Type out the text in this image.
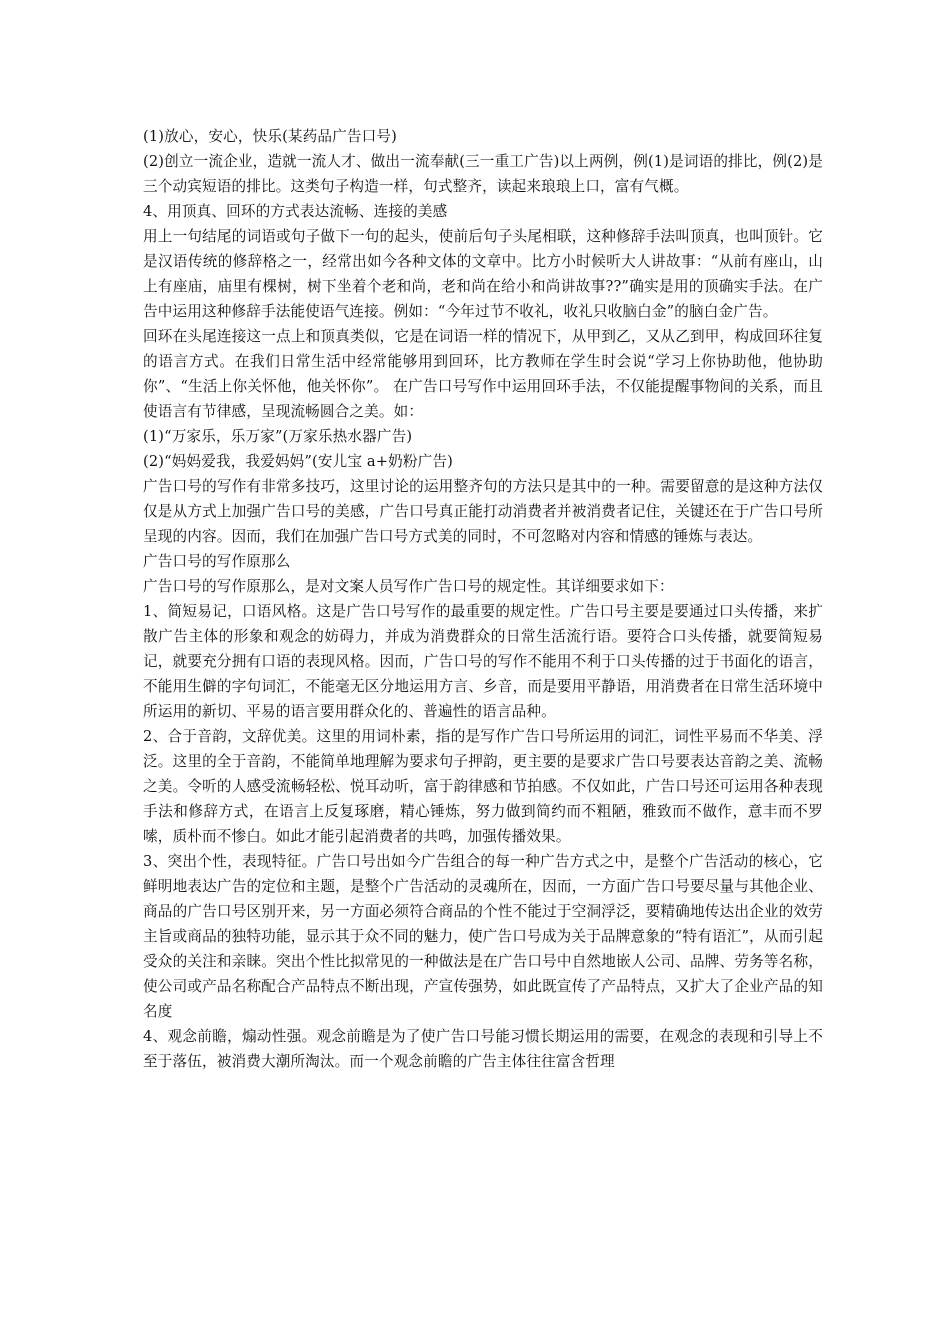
(1)放心，安心，快乐(某药品广告口号)

(2)创立一流企业，造就一流人才、做出一流奉献(三一重工广告)以上两例，例(1)是词语的排比，例(2)是三个动宾短语的排比。这类句子构造一样，句式整齐，读起来琅琅上口，富有气概。

4、用顶真、回环的方式表达流畅、连接的美感

用上一句结尾的词语或句子做下一句的起头，使前后句子头尾相联，这种修辞手法叫顶真，也叫顶针。它是汉语传统的修辞格之一，经常出如今各种文体的文章中。比方小时候听大人讲故事：“从前有座山，山上有座庙，庙里有棵树，树下坐着个老和尚，老和尚在给小和尚讲故事??”确实是用的顶确实手法。在广告中运用这种修辞手法能使语气连接。例如：“今年过节不收礼，收礼只收脑白金”的脑白金广告。

回环在头尾连接这一点上和顶真类似，它是在词语一样的情况下，从甲到乙，又从乙到甲，构成回环往复的语言方式。在我们日常生活中经常能够用到回环，比方教师在学生时会说“学习上你协助他，他协助你”、“生活上你关怀他，他关怀你”。 在广告口号写作中运用回环手法，不仅能提醒事物间的关系，而且使语言有节律感，呈现流畅圆合之美。如：

(1)“万家乐，乐万家”(万家乐热水器广告)

(2)“妈妈爱我，我爱妈妈”(安儿宝 a+奶粉广告)

广告口号的写作有非常多技巧，这里讨论的运用整齐句的方法只是其中的一种。需要留意的是这种方法仅仅是从方式上加强广告口号的美感，广告口号真正能打动消费者并被消费者记住，关键还在于广告口号所呈现的内容。因而，我们在加强广告口号方式美的同时，不可忽略对内容和情感的锤炼与表达。

广告口号的写作原那么

广告口号的写作原那么，是对文案人员写作广告口号的规定性。其详细要求如下：

1、简短易记，口语风格。这是广告口号写作的最重要的规定性。广告口号主要是要通过口头传播，来扩散广告主体的形象和观念的妨碍力，并成为消费群众的日常生活流行语。要符合口头传播，就要简短易记，就要充分拥有口语的表现风格。因而，广告口号的写作不能用不利于口头传播的过于书面化的语言，不能用生僻的字句词汇，不能毫无区分地运用方言、乡音，而是要用平静语，用消费者在日常生活环境中所运用的新切、平易的语言要用群众化的、普遍性的语言品种。

2、合于音韵，文辞优美。这里的用词朴素，指的是写作广告口号所运用的词汇，词性平易而不华美、浮泛。这里的全于音韵，不能简单地理解为要求句子押韵，更主要的是要求广告口号要表达音韵之美、流畅之美。令听的人感受流畅轻松、悦耳动听，富于韵律感和节拍感。不仅如此，广告口号还可运用各种表现手法和修辞方式，在语言上反复琢磨，精心锤炼，努力做到简约而不粗陋，雅致而不做作，意丰而不罗嗦，质朴而不惨白。如此才能引起消费者的共鸣，加强传播效果。

3、突出个性，表现特征。广告口号出如今广告组合的每一种广告方式之中，是整个广告活动的核心，它鲜明地表达广告的定位和主题，是整个广告活动的灵魂所在，因而，一方面广告口号要尽量与其他企业、商品的广告口号区别开来，另一方面必须符合商品的个性不能过于空洞浮泛，要精确地传达出企业的效劳主旨或商品的独特功能，显示其于众不同的魅力，使广告口号成为关于品牌意象的“特有语汇”，从而引起受众的关注和亲睐。突出个性比拟常见的一种做法是在广告口号中自然地嵌人公司、品牌、劳务等名称，使公司或产品名称配合产品特点不断出现，产宣传强势，如此既宣传了产品特点，又扩大了企业产品的知名度

4、观念前瞻，煽动性强。观念前瞻是为了使广告口号能习惯长期运用的需要，在观念的表现和引导上不至于落伍，被消费大潮所淘汰。而一个观念前瞻的广告主体往往富含哲理
